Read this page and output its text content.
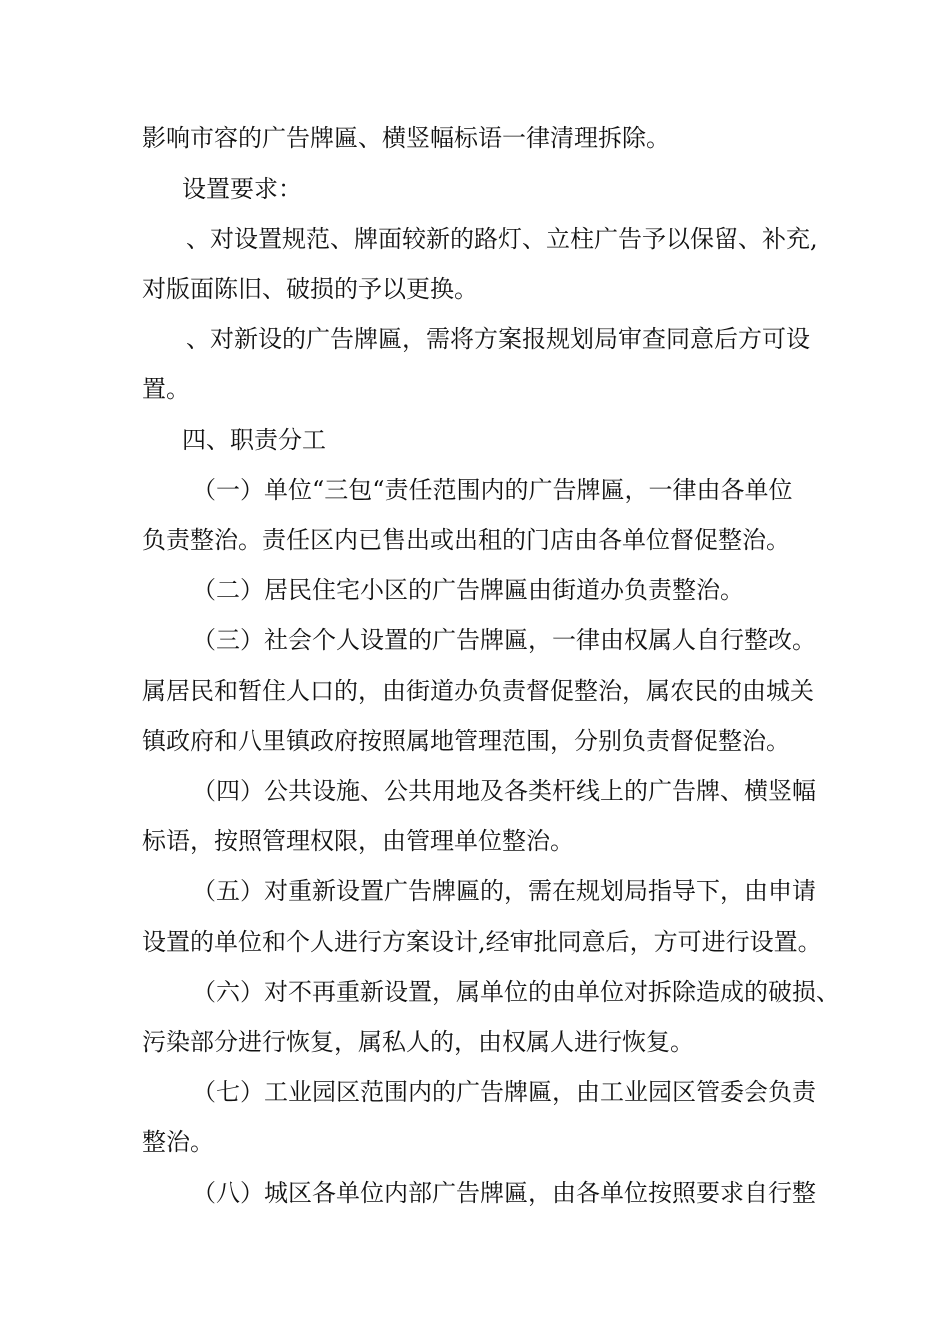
影响市容的广告牌匾、横竖幅标语一律清理拆除。
设置要求：
、对设置规范、牌面较新的路灯、立柱广告予以保留、补充,
对版面陈旧、破损的予以更换。
、对新设的广告牌匾，需将方案报规划局审查同意后方可设
置。
四、职责分工
（一）单位“三包“责任范围内的广告牌匾，一律由各单位
负责整治。责任区内已售出或出租的门店由各单位督促整治。
（二）居民住宅小区的广告牌匾由街道办负责整治。
（三）社会个人设置的广告牌匾，一律由权属人自行整改。
属居民和暂住人口的，由街道办负责督促整治，属农民的由城关
镇政府和八里镇政府按照属地管理范围，分别负责督促整治。
（四）公共设施、公共用地及各类杆线上的广告牌、横竖幅
标语，按照管理权限，由管理单位整治。
（五）对重新设置广告牌匾的，需在规划局指导下，由申请
设置的单位和个人进行方案设计,经审批同意后，方可进行设置。
（六）对不再重新设置，属单位的由单位对拆除造成的破损、
污染部分进行恢复，属私人的，由权属人进行恢复。
（七）工业园区范围内的广告牌匾，由工业园区管委会负责
整治。
（八）城区各单位内部广告牌匾，由各单位按照要求自行整
